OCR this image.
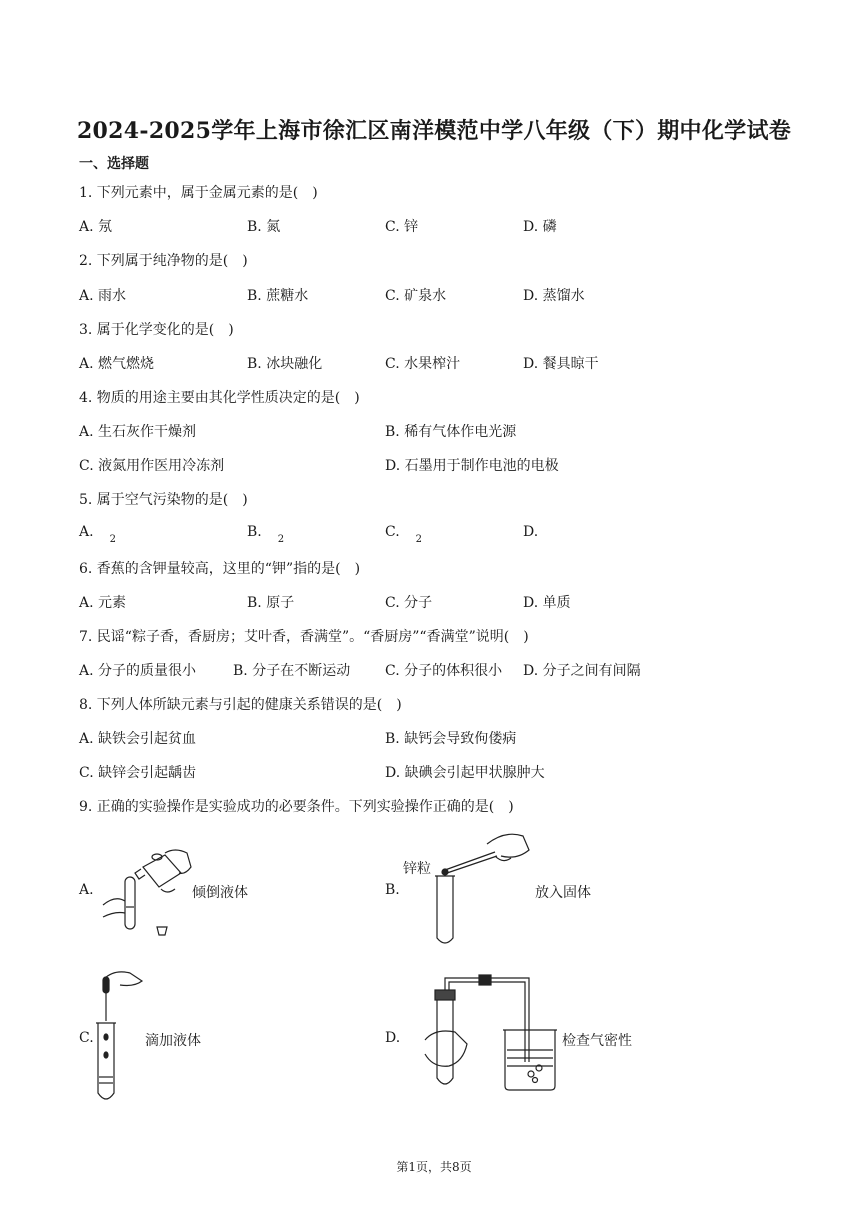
2024-2025学年上海市徐汇区南洋模范中学八年级（下）期中化学试卷
一、选择题
1. 下列元素中，属于金属元素的是(　)
A. 氖	B. 氮	C. 锌	D. 磷
2. 下列属于纯净物的是(　)
A. 雨水	B. 蔗糖水	C. 矿泉水	D. 蒸馏水
3. 属于化学变化的是(　)
A. 燃气燃烧	B. 冰块融化	C. 水果榨汁	D. 餐具晾干
4. 物质的用途主要由其化学性质决定的是(　)
A. 生石灰作干燥剂	B. 稀有气体作电光源
C. 液氮用作医用冷冻剂	D. 石墨用于制作电池的电极
5. 属于空气污染物的是(　)
A. $_2$	B. $_2$	C. $_2$	D.
6. 香蕉的含钾量较高，这里的“钾”指的是(　)
A. 元素	B. 原子	C. 分子	D. 单质
7. 民谣“粽子香，香厨房；艾叶香，香满堂”。“香厨房”“香满堂”说明(　)
A. 分子的质量很小	B. 分子在不断运动 C. 分子的体积很小 D. 分子之间有间隔
8. 下列人体所缺元素与引起的健康关系错误的是(　)
A. 缺铁会引起贫血	B. 缺钙会导致佝偻病
C. 缺锌会引起龋齿	D. 缺碘会引起甲状腺肿大
9. 正确的实验操作是实验成功的必要条件。下列实验操作正确的是(　)
A.	倾倒液体	B.
锌粒
放入固体
C.	滴加液体	D.	检查气密性
第1页，共8页
